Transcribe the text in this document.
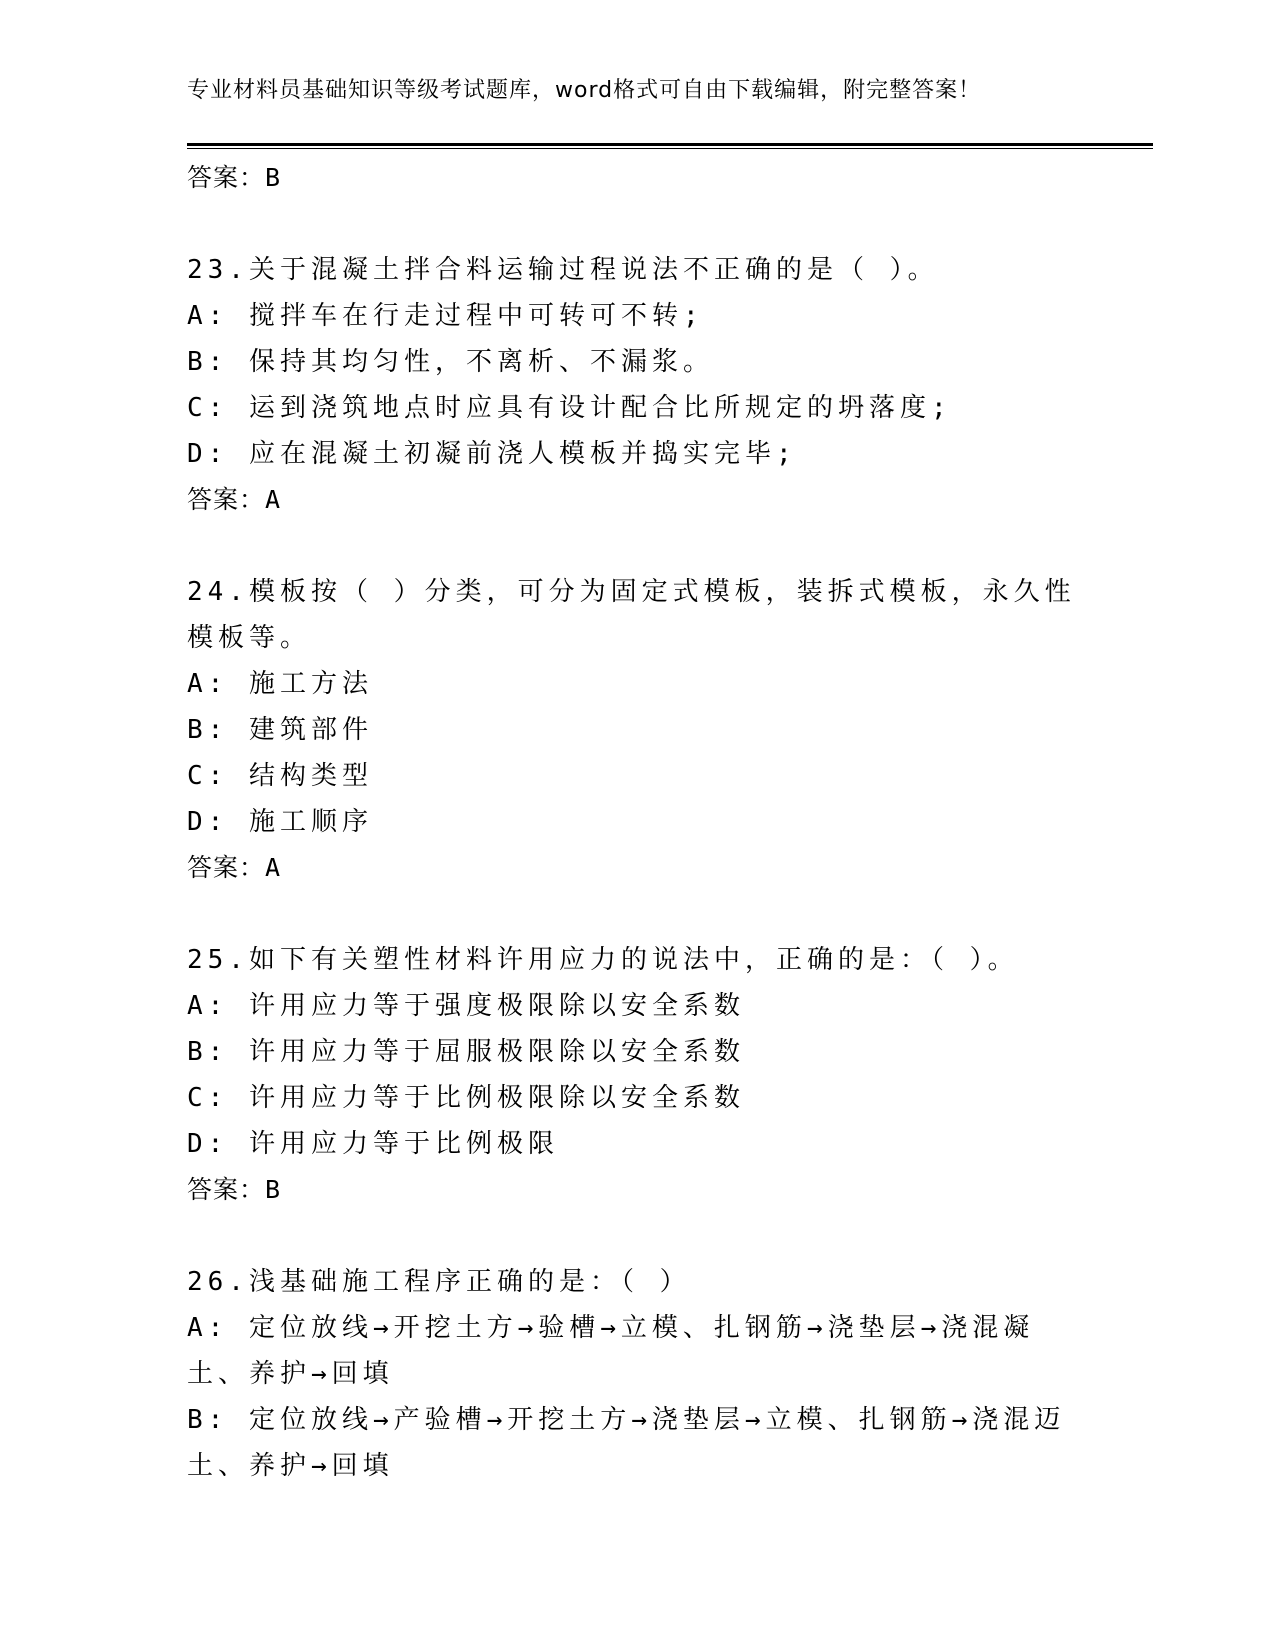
专业材料员基础知识等级考试题库，word格式可自由下载编辑，附完整答案！
答案：B
23.关于混凝土拌合料运输过程说法不正确的是（ ）。
A: 搅拌车在行走过程中可转可不转;
B: 保持其均匀性，不离析、不漏浆。
C: 运到浇筑地点时应具有设计配合比所规定的坍落度;
D: 应在混凝土初凝前浇人模板并捣实完毕;
答案：A
24.模板按（ ）分类，可分为固定式模板，装拆式模板，永久性模板等。
A: 施工方法
B: 建筑部件
C: 结构类型
D: 施工顺序
答案：A
25.如下有关塑性材料许用应力的说法中，正确的是：（ ）。
A: 许用应力等于强度极限除以安全系数
B: 许用应力等于屈服极限除以安全系数
C: 许用应力等于比例极限除以安全系数
D: 许用应力等于比例极限
答案：B
26.浅基础施工程序正确的是：（ ）
A: 定位放线→开挖土方→验槽→立模、扎钢筋→浇垫层→浇混凝土、养护→回填
B: 定位放线→产验槽→开挖土方→浇垫层→立模、扎钢筋→浇混迈土、养护→回填
